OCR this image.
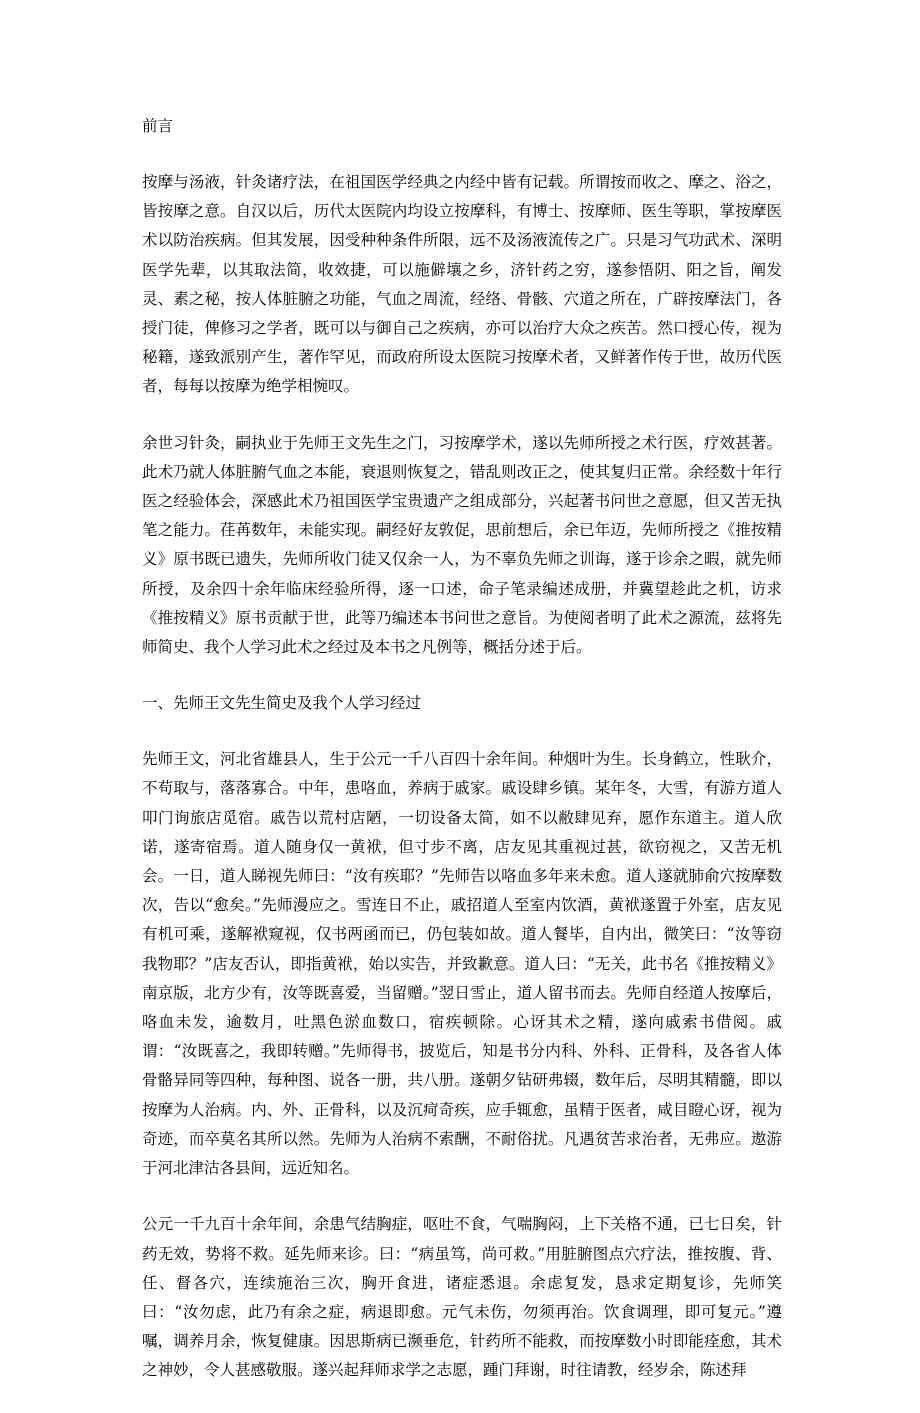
前言

按摩与汤液，针灸诸疗法，在祖国医学经典之内经中皆有记载。所谓按而收之、摩之、浴之，皆按摩之意。自汉以后，历代太医院内均设立按摩科，有博士、按摩师、医生等职，掌按摩医术以防治疾病。但其发展，因受种种条件所限，远不及汤液流传之广。只是习气功武术、深明医学先辈，以其取法简，收效捷，可以施僻壤之乡，济针药之穷，遂参悟阴、阳之旨，阐发灵、素之秘，按人体脏腑之功能，气血之周流，经络、骨骸、穴道之所在，广辟按摩法门，各授门徒，俾修习之学者，既可以与御自己之疾病，亦可以治疗大众之疾苦。然口授心传，视为秘籍，遂致派别产生，著作罕见，而政府所设太医院习按摩术者，又鲜著作传于世，故历代医者，每每以按摩为绝学相惋叹。

余世习针灸，嗣执业于先师王文先生之门，习按摩学术，遂以先师所授之术行医，疗效甚著。此术乃就人体脏腑气血之本能，衰退则恢复之，错乱则改正之，使其复归正常。余经数十年行医之经验体会，深感此术乃祖国医学宝贵遗产之组成部分，兴起著书问世之意愿，但又苦无执笔之能力。荏苒数年，未能实现。嗣经好友敦促，思前想后，余已年迈，先师所授之《推按精义》原书既已遗失，先师所收门徒又仅余一人，为不辜负先师之训诲，遂于诊余之暇，就先师所授，及余四十余年临床经验所得，逐一口述，命子笔录编述成册，并冀望趁此之机，访求《推按精义》原书贡献于世，此等乃编述本书问世之意旨。为使阅者明了此术之源流，兹将先师简史、我个人学习此术之经过及本书之凡例等，概括分述于后。

一、先师王文先生简史及我个人学习经过

先师王文，河北省雄县人，生于公元一千八百四十余年间。种烟叶为生。长身鹤立，性耿介，不苟取与，落落寡合。中年，患咯血，养病于戚家。戚设肆乡镇。某年冬，大雪，有游方道人叩门询旅店觅宿。戚告以荒村店陋，一切设备太简，如不以敝肆见弃，愿作东道主。道人欣诺，遂寄宿焉。道人随身仅一黄袱，但寸步不离，店友见其重视过甚，欲窃视之，又苦无机会。一日，道人睇视先师曰：“汝有疾耶？”先师告以咯血多年来未愈。道人遂就肺俞穴按摩数次，告以“愈矣。”先师漫应之。雪连日不止，戚招道人至室内饮酒，黄袱遂置于外室，店友见有机可乘，遂解袱窥视，仅书两函而已，仍包装如故。道人餐毕，自内出，微笑曰：“汝等窃我物耶？”店友否认，即指黄袱，始以实告，并致歉意。道人曰：“无关，此书名《推按精义》南京版，北方少有，汝等既喜爱，当留赠。”翌日雪止，道人留书而去。先师自经道人按摩后，咯血未发，逾数月，吐黑色淤血数口，宿疾顿除。心讶其术之精，遂向戚索书借阅。戚谓：“汝既喜之，我即转赠。”先师得书，披览后，知是书分内科、外科、正骨科，及各省人体骨骼异同等四种，每种图、说各一册，共八册。遂朝夕钻研弗辍，数年后，尽明其精髓，即以按摩为人治病。内、外、正骨科，以及沉疴奇疾，应手辄愈，虽精于医者，咸目瞪心讶，视为奇迹，而卒莫名其所以然。先师为人治病不索酬，不耐俗扰。凡遇贫苦求治者，无弗应。遨游于河北津沽各县间，远近知名。

公元一千九百十余年间，余患气结胸症，呕吐不食，气喘胸闷，上下关格不通，已七日矣，针药无效，势将不救。延先师来诊。曰：“病虽笃，尚可救。”用脏腑图点穴疗法，推按腹、背、任、督各穴，连续施治三次，胸开食进，诸症悉退。余虑复发，恳求定期复诊，先师笑曰：“汝勿虑，此乃有余之症，病退即愈。元气未伤，勿须再治。饮食调理，即可复元。”遵嘱，调养月余，恢复健康。因思斯病已濒垂危，针药所不能救，而按摩数小时即能痊愈，其术之神妙，令人甚感敬服。遂兴起拜师求学之志愿，踵门拜谢，时往请教，经岁余，陈述拜
